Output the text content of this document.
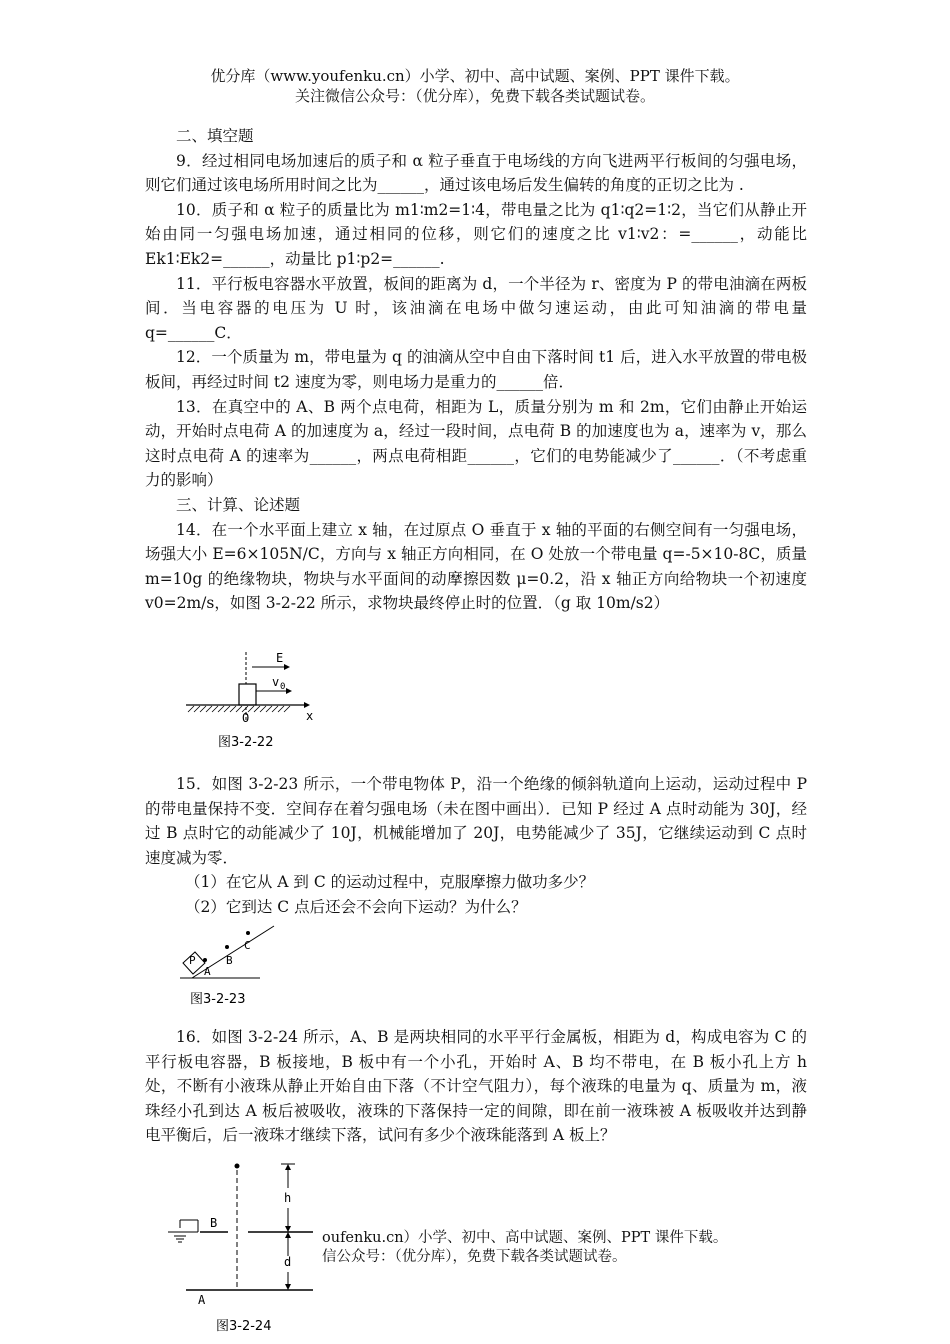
优分库（www.youfenku.cn）小学、初中、高中试题、案例、PPT 课件下载。
关注微信公众号：（优分库），免费下载各类试题试卷。

二、填空题

9．经过相同电场加速后的质子和 α 粒子垂直于电场线的方向飞进两平行板间的匀强电场，则它们通过该电场所用时间之比为______，通过该电场后发生偏转的角度的正切之比为 .

10．质子和 α 粒子的质量比为 m1∶m2=1∶4，带电量之比为 q1∶q2=1∶2，当它们从静止开始由同一匀强电场加速，通过相同的位移，则它们的速度之比 v1∶v2：=______，动能比 Ek1∶Ek2=______，动量比 p1∶p2=______.

11．平行板电容器水平放置，板间的距离为 d，一个半径为 r、密度为 P 的带电油滴在两板间．当电容器的电压为 U 时，该油滴在电场中做匀速运动，由此可知油滴的带电量 q=______C．

12．一个质量为 m，带电量为 q 的油滴从空中自由下落时间 t1 后，进入水平放置的带电极板间，再经过时间 t2 速度为零，则电场力是重力的______倍．

13．在真空中的 A、B 两个点电荷，相距为 L，质量分别为 m 和 2m，它们由静止开始运动，开始时点电荷 A 的加速度为 a，经过一段时间，点电荷 B 的加速度也为 a，速率为 v，那么这时点电荷 A 的速率为______，两点电荷相距______，它们的电势能减少了______．（不考虑重力的影响）

三、计算、论述题

14．在一个水平面上建立 x 轴，在过原点 O 垂直于 x 轴的平面的右侧空间有一匀强电场，场强大小 E=6×105N/C，方向与 x 轴正方向相同，在 O 处放一个带电量 q=-5×10-8C，质量 m=10g 的绝缘物块，物块与水平面间的动摩擦因数 μ=0.2，沿 x 轴正方向给物块一个初速度 v0=2m/s，如图 3-2-22 所示，求物块最终停止时的位置．（g 取 10m/s2）

E
v 0
O	x
图3-2-22

15．如图 3-2-23 所示，一个带电物体 P，沿一个绝缘的倾斜轨道向上运动，运动过程中 P 的带电量保持不变．空间存在着匀强电场（未在图中画出）．已知 P 经过 A 点时动能为 30J，经过 B 点时它的动能减少了 10J，机械能增加了 20J，电势能减少了 35J，它继续运动到 C 点时速度减为零．

（1）在它从 A 到 C 的运动过程中，克服摩擦力做功多少？

（2）它到达 C 点后还会不会向下运动？为什么？

P
A
B
C
图3-2-23

16．如图 3-2-24 所示，A、B 是两块相同的水平平行金属板，相距为 d，构成电容为 C 的平行板电容器，B 板接地，B 板中有一个小孔，开始时 A、B 均不带电，在 B 板小孔上方 h 处，不断有小液珠从静止开始自由下落（不计空气阻力），每个液珠的电量为 q、质量为 m，液珠经小孔到达 A 板后被吸收，液珠的下落保持一定的间隙，即在前一液珠被 A 板吸收并达到静电平衡后，后一液珠才继续下落，试问有多少个液珠能落到 A 板上？

oufenku.cn）小学、初中、高中试题、案例、PPT 课件下载。
信公众号：（优分库），免费下载各类试题试卷。
B
A
h
d
图3-2-24
